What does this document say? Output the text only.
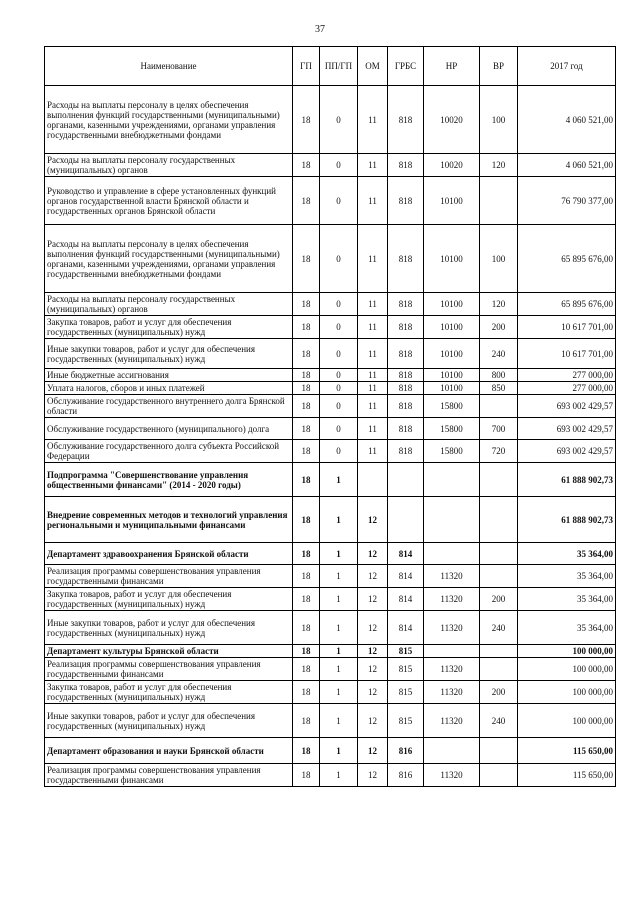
37
Наименование	ГП	ПП/ГП	ОМ	ГРБС	НР	ВР	2017 год
Расходы на выплаты персоналу в целях обеспечения выполнения функций государственными (муниципальными) органами, казенными учреждениями, органами управления государственными внебюджетными фондами	18	0	11	818	10020	100	4 060 521,00
Расходы на выплаты персоналу государственных (муниципальных) органов	18	0	11	818	10020	120	4 060 521,00
Руководство и управление в сфере установленных функций органов государственной власти Брянской области и государственных органов Брянской области	18	0	11	818	10100		76 790 377,00
Расходы на выплаты персоналу в целях обеспечения выполнения функций государственными (муниципальными) органами, казенными учреждениями, органами управления государственными внебюджетными фондами	18	0	11	818	10100	100	65 895 676,00
Расходы на выплаты персоналу государственных (муниципальных) органов	18	0	11	818	10100	120	65 895 676,00
Закупка товаров, работ и услуг для обеспечения государственных (муниципальных) нужд	18	0	11	818	10100	200	10 617 701,00
Иные закупки товаров, работ и услуг для обеспечения государственных (муниципальных) нужд	18	0	11	818	10100	240	10 617 701,00
Иные бюджетные ассигнования	18	0	11	818	10100	800	277 000,00
Уплата налогов, сборов и иных платежей	18	0	11	818	10100	850	277 000,00
Обслуживание государственного внутреннего долга Брянской области	18	0	11	818	15800		693 002 429,57
Обслуживание государственного (муниципального) долга	18	0	11	818	15800	700	693 002 429,57
Обслуживание государственного долга субъекта Российской Федерации	18	0	11	818	15800	720	693 002 429,57
Подпрограмма "Совершенствование управления общественными финансами" (2014 - 2020 годы)	18	1					61 888 902,73
Внедрение современных методов и технологий управления региональными и муниципальными финансами	18	1	12				61 888 902,73
Департамент здравоохранения Брянской области	18	1	12	814			35 364,00
Реализация программы совершенствования управления государственными финансами	18	1	12	814	11320		35 364,00
Закупка товаров, работ и услуг для обеспечения государственных (муниципальных) нужд	18	1	12	814	11320	200	35 364,00
Иные закупки товаров, работ и услуг для обеспечения государственных (муниципальных) нужд	18	1	12	814	11320	240	35 364,00
Департамент культуры Брянской области	18	1	12	815			100 000,00
Реализация программы совершенствования управления государственными финансами	18	1	12	815	11320		100 000,00
Закупка товаров, работ и услуг для обеспечения государственных (муниципальных) нужд	18	1	12	815	11320	200	100 000,00
Иные закупки товаров, работ и услуг для обеспечения государственных (муниципальных) нужд	18	1	12	815	11320	240	100 000,00
Департамент образования и науки Брянской области	18	1	12	816			115 650,00
Реализация программы совершенствования управления государственными финансами	18	1	12	816	11320		115 650,00
